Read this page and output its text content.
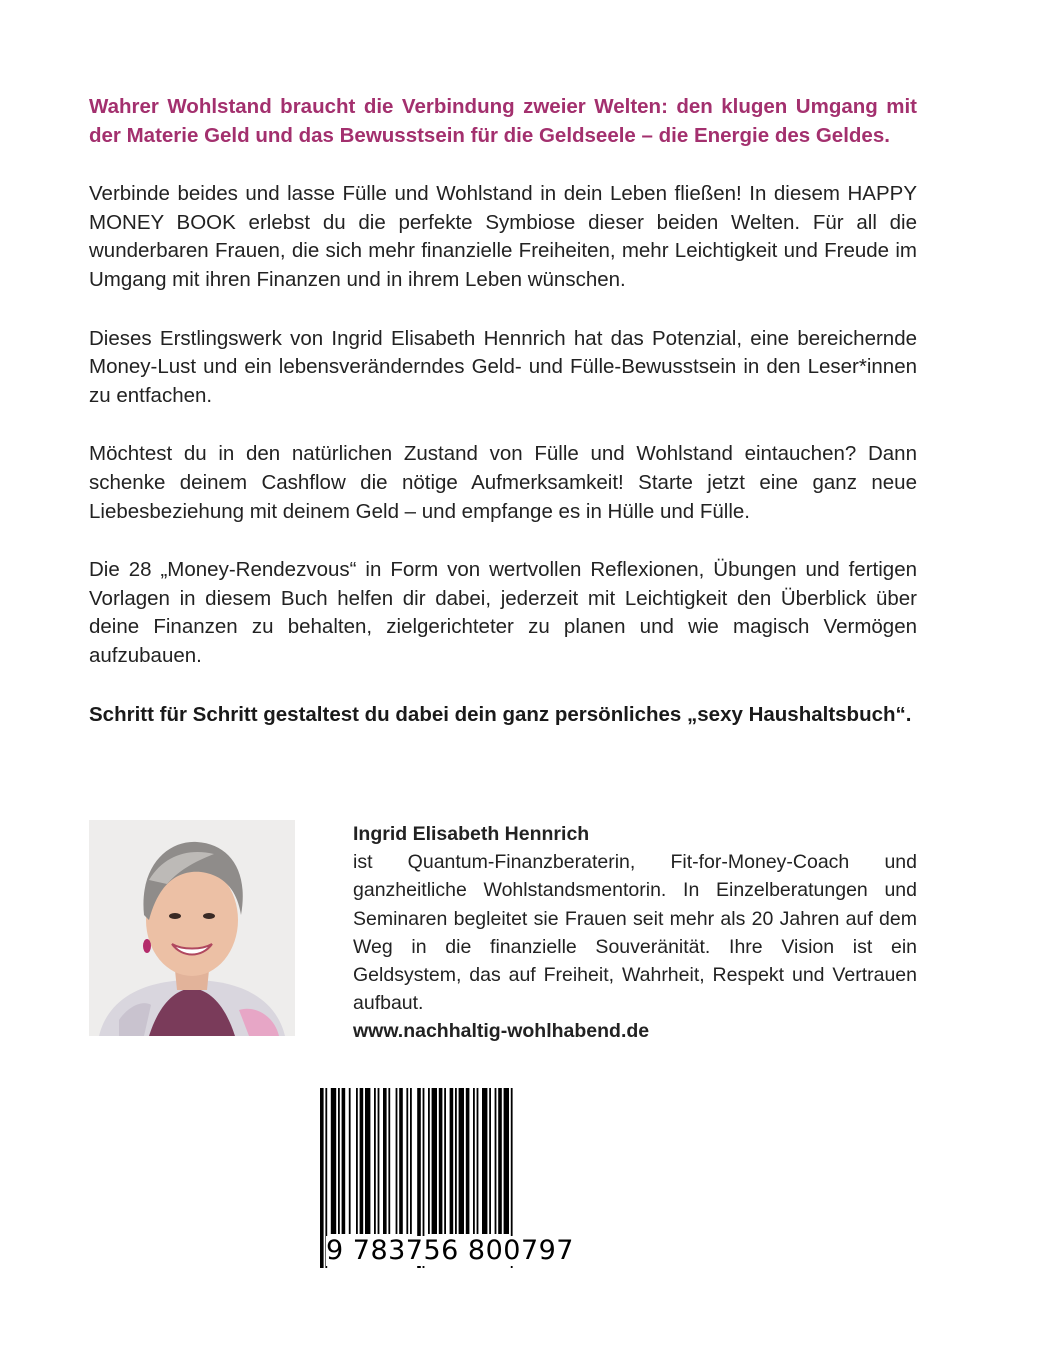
Wahrer Wohlstand braucht die Verbindung zweier Welten: den klugen Umgang mit der Materie Geld und das Bewusstsein für die Geldseele – die Energie des Geldes.

Verbinde beides und lasse Fülle und Wohlstand in dein Leben fließen! In diesem HAPPY MONEY BOOK erlebst du die perfekte Symbiose dieser beiden Welten. Für all die wunderbaren Frauen, die sich mehr finanzielle Freiheiten, mehr Leichtigkeit und Freude im Umgang mit ihren Finanzen und in ihrem Leben wünschen.

Dieses Erstlingswerk von Ingrid Elisabeth Hennrich hat das Potenzial, eine bereichernde Money-Lust und ein lebensveränderndes Geld- und Fülle-Bewusstsein in den Leser*innen zu entfachen.

Möchtest du in den natürlichen Zustand von Fülle und Wohlstand eintauchen? Dann schenke deinem Cashflow die nötige Aufmerksamkeit! Starte jetzt eine ganz neue Liebesbeziehung mit deinem Geld – und empfange es in Hülle und Fülle.

Die 28 „Money-Rendezvous“ in Form von wertvollen Reflexionen, Übungen und fertigen Vorlagen in diesem Buch helfen dir dabei, jederzeit mit Leichtigkeit den Überblick über deine Finanzen zu behalten, zielgerichteter zu planen und wie magisch Vermögen aufzubauen.

Schritt für Schritt gestaltest du dabei dein ganz persönliches „sexy Haushaltsbuch“.

Ingrid Elisabeth Hennrich
ist Quantum-Finanzberaterin, Fit-for-Money-Coach und ganzheitliche Wohlstandsmentorin. In Einzelberatungen und Seminaren begleitet sie Frauen seit mehr als 20 Jahren auf dem Weg in die finanzielle Souveränität. Ihre Vision ist ein Geldsystem, das auf Freiheit, Wahrheit, Respekt und Vertrauen aufbaut.
www.nachhaltig-wohlhabend.de
9 783756 800797
